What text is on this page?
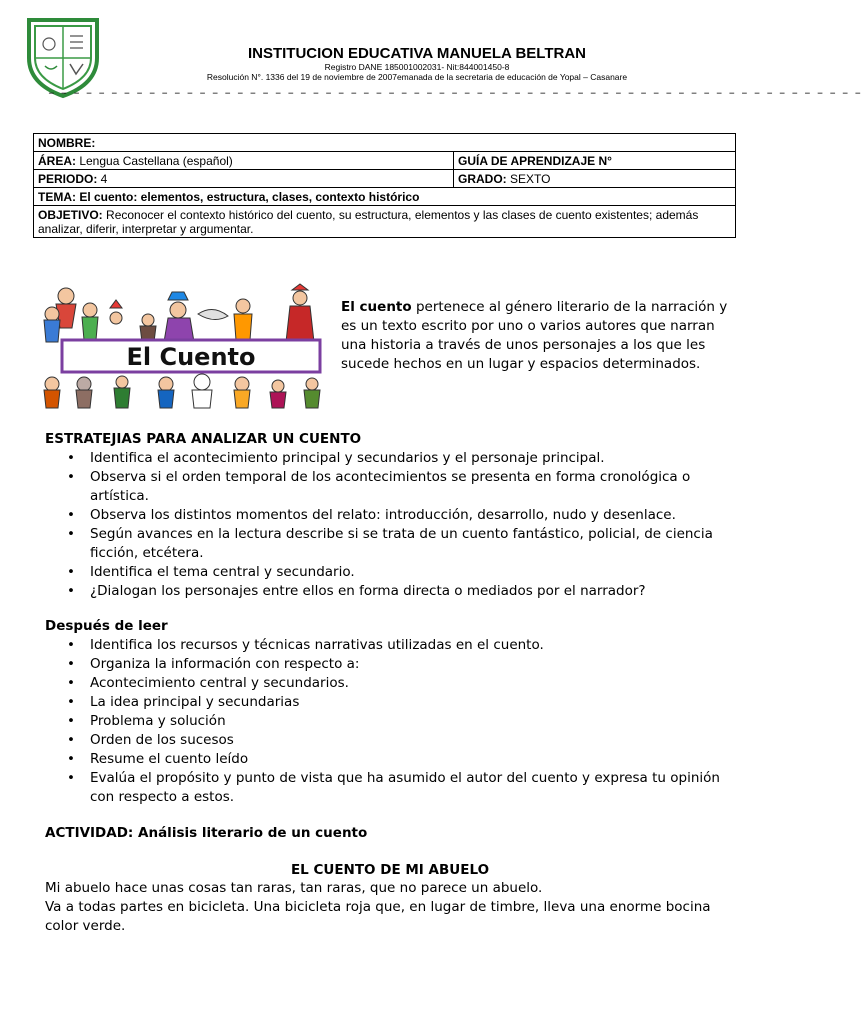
INSTITUCION EDUCATIVA MANUELA BELTRAN
Registro DANE 185001002031- Nit:844001450-8
Resolución N°. 1336 del 19 de noviembre de 2007emanada de la secretaria de educación de Yopal – Casanare
– – – – – – – – – – – – – – – – – – – – – – – – – – – – – – – – – – – – – – – – – – – – – – – – – – – – – – – – – – – – – – – – –
NOMBRE:	
ÁREA: Lengua Castellana (español)	GUÍA DE APRENDIZAJE N°
PERIODO: 4	GRADO: SEXTO
TEMA: El cuento: elementos, estructura, clases, contexto histórico	
OBJETIVO: Reconocer el contexto histórico del cuento, su estructura, elementos y las clases de cuento existentes; además analizar, diferir, interpretar y argumentar.	
El Cuento
El cuento pertenece al género literario de la narración y es un texto escrito por uno o varios autores que narran una historia a través de unos personajes a los que les sucede hechos en un lugar y espacios determinados.
ESTRATEJIAS PARA ANALIZAR UN CUENTO
• Identifica el acontecimiento principal y secundarios y el personaje principal.
• Observa si el orden temporal de los acontecimientos se presenta en forma cronológica o artística.
• Observa los distintos momentos del relato: introducción, desarrollo, nudo y desenlace.
• Según avances en la lectura describe si se trata de un cuento fantástico, policial, de ciencia ficción, etcétera.
• Identifica el tema central y secundario.
• ¿Dialogan los personajes entre ellos en forma directa o mediados por el narrador?
Después de leer
• Identifica los recursos y técnicas narrativas utilizadas en el cuento.
• Organiza la información con respecto a:
• Acontecimiento central y secundarios.
• La idea principal y secundarias
• Problema y solución
• Orden de los sucesos
• Resume el cuento leído
• Evalúa el propósito y punto de vista que ha asumido el autor del cuento y expresa tu opinión con respecto a estos.
ACTIVIDAD: Análisis literario de un cuento
EL CUENTO DE MI ABUELO

Mi abuelo hace unas cosas tan raras, tan raras, que no parece un abuelo.

Va a todas partes en bicicleta. Una bicicleta roja que, en lugar de timbre, lleva una enorme bocina color verde.
